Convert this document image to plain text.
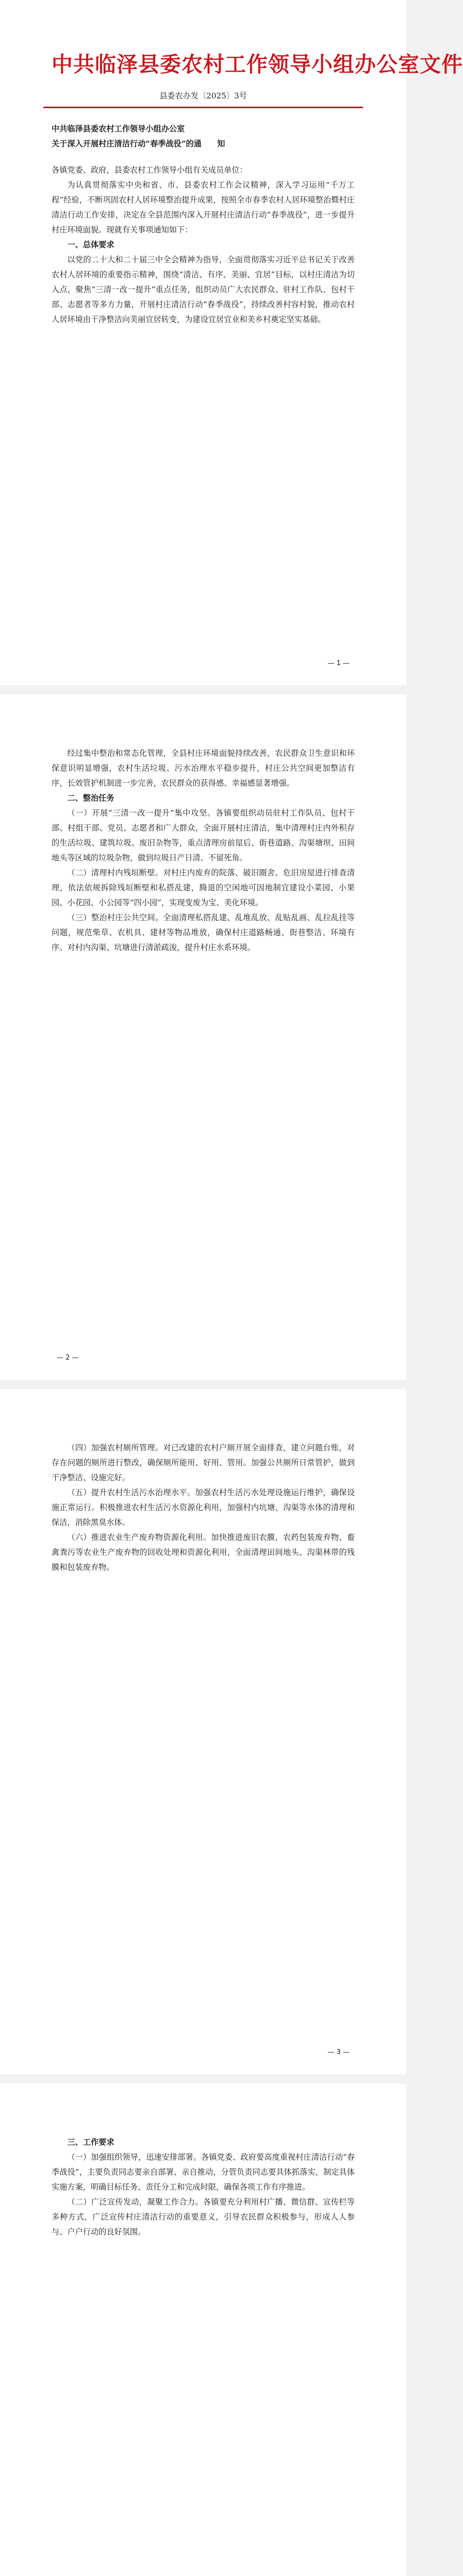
中共临泽县委农村工作领导小组办公室文件
县委农办发〔2025〕3号

中共临泽县委农村工作领导小组办公室

关于深入开展村庄清洁行动“春季战役”的通　　知

各镇党委、政府，县委农村工作领导小组有关成员单位：

为认真贯彻落实中央和省、市、县委农村工作会议精神，深入学习运用“千万工程”经验，不断巩固农村人居环境整治提升成果，按照全市春季农村人居环境整治暨村庄清洁行动工作安排，决定在全县范围内深入开展村庄清洁行动“春季战役”，进一步提升村庄环境面貌。现就有关事项通知如下：

一、总体要求

以党的二十大和二十届三中全会精神为指导，全面贯彻落实习近平总书记关于改善农村人居环境的重要指示精神，围绕“清洁、有序、美丽、宜居”目标，以村庄清洁为切入点，聚焦“三清一改一提升”重点任务，组织动员广大农民群众、驻村工作队、包村干部、志愿者等多方力量，开展村庄清洁行动“春季战役”，持续改善村容村貌，推动农村人居环境由干净整洁向美丽宜居转变，为建设宜居宜业和美乡村奠定坚实基础。

— 1 —

经过集中整治和常态化管理，全县村庄环境面貌持续改善，农民群众卫生意识和环保意识明显增强，农村生活垃圾、污水治理水平稳步提升，村庄公共空间更加整洁有序，长效管护机制进一步完善，农民群众的获得感、幸福感显著增强。

二、整治任务

（一）开展“三清一改一提升”集中攻坚。各镇要组织动员驻村工作队员、包村干部、村组干部、党员、志愿者和广大群众，全面开展村庄清洁，集中清理村庄内外积存的生活垃圾、建筑垃圾、废旧杂物等，重点清理房前屋后、街巷道路、沟渠塘坝、田间地头等区域的垃圾杂物，做到垃圾日产日清、不留死角。

（二）清理村内残垣断壁。对村庄内废弃的院落、破旧圈舍、危旧房屋进行排查清理，依法依规拆除残垣断壁和私搭乱建，腾退的空闲地可因地制宜建设小菜园、小果园、小花园、小公园等“四小园”，实现变废为宝、美化环境。

（三）整治村庄公共空间。全面清理私搭乱建、乱堆乱放、乱贴乱画、乱拉乱挂等问题，规范柴草、农机具、建材等物品堆放，确保村庄道路畅通、街巷整洁、环境有序。对村内沟渠、坑塘进行清淤疏浚，提升村庄水系环境。

— 2 —

（四）加强农村厕所管理。对已改建的农村户厕开展全面排查，建立问题台账，对存在问题的厕所进行整改，确保厕所能用、好用、管用。加强公共厕所日常管护，做到干净整洁、设施完好。

（五）提升农村生活污水治理水平。加强农村生活污水处理设施运行维护，确保设施正常运行。积极推进农村生活污水资源化利用，加强村内坑塘、沟渠等水体的清理和保洁，消除黑臭水体。

（六）推进农业生产废弃物资源化利用。加快推进废旧农膜、农药包装废弃物、畜禽粪污等农业生产废弃物的回收处理和资源化利用，全面清理田间地头、沟渠林带的残膜和包装废弃物。

— 3 —

三、工作要求

（一）加强组织领导，迅速安排部署。各镇党委、政府要高度重视村庄清洁行动“春季战役”，主要负责同志要亲自部署、亲自推动，分管负责同志要具体抓落实，制定具体实施方案，明确目标任务、责任分工和完成时限，确保各项工作有序推进。

（二）广泛宣传发动，凝聚工作合力。各镇要充分利用村广播、微信群、宣传栏等多种方式，广泛宣传村庄清洁行动的重要意义，引导农民群众积极参与，形成人人参与、户户行动的良好氛围。
